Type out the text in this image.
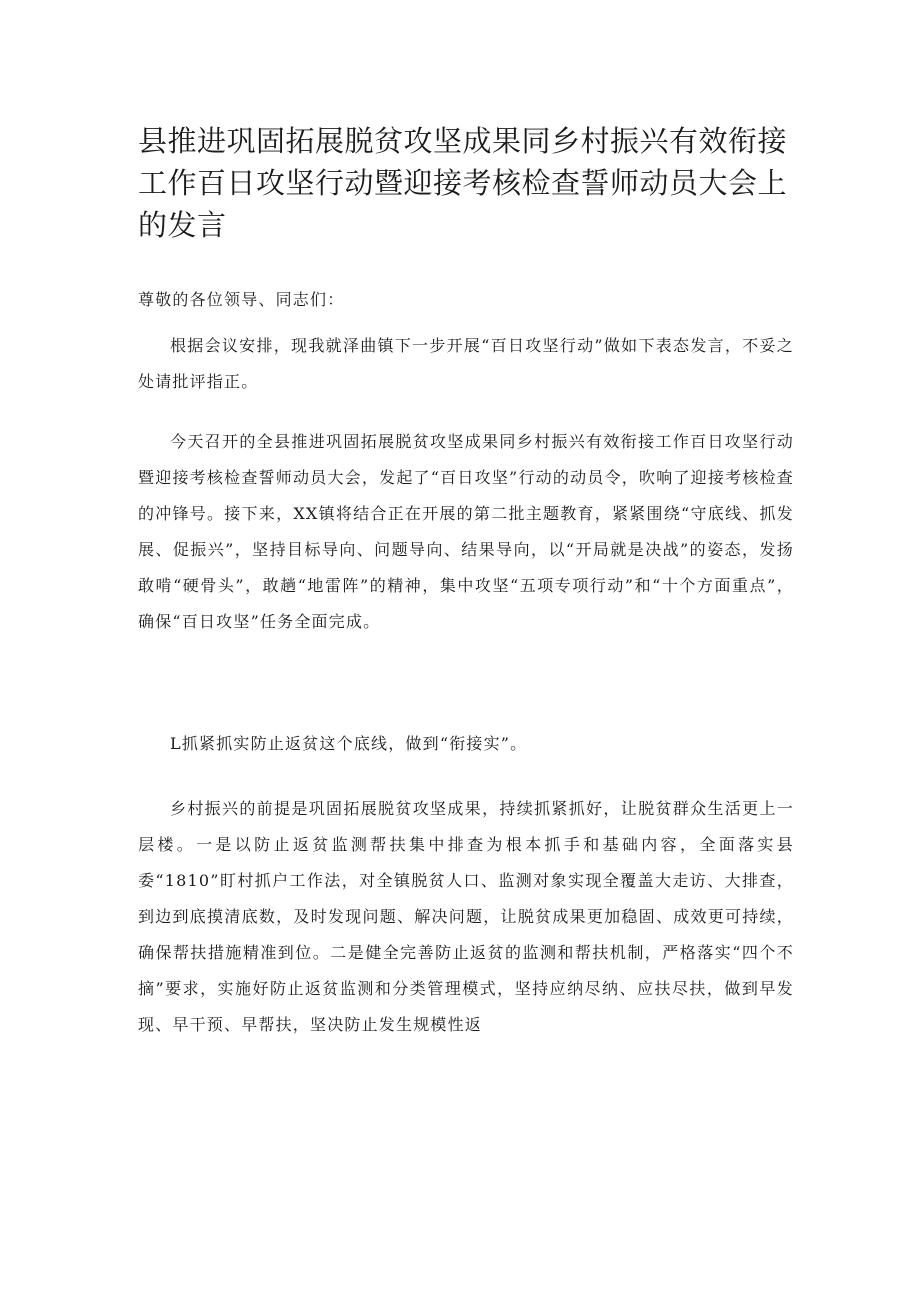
县推进巩固拓展脱贫攻坚成果同乡村振兴有效衔接工作百日攻坚行动暨迎接考核检查誓师动员大会上的发言

尊敬的各位领导、同志们：

根据会议安排，现我就泽曲镇下一步开展“百日攻坚行动”做如下表态发言，不妥之处请批评指正。

今天召开的全县推进巩固拓展脱贫攻坚成果同乡村振兴有效衔接工作百日攻坚行动暨迎接考核检查誓师动员大会，发起了“百日攻坚”行动的动员令，吹响了迎接考核检查的冲锋号。接下来，XX镇将结合正在开展的第二批主题教育，紧紧围绕“守底线、抓发展、促振兴”，坚持目标导向、问题导向、结果导向，以“开局就是决战”的姿态，发扬敢啃“硬骨头”，敢趟“地雷阵”的精神，集中攻坚“五项专项行动”和“十个方面重点”，确保“百日攻坚”任务全面完成。

L抓紧抓实防止返贫这个底线，做到“衔接实”。

乡村振兴的前提是巩固拓展脱贫攻坚成果，持续抓紧抓好，让脱贫群众生活更上一层楼。一是以防止返贫监测帮扶集中排查为根本抓手和基础内容，全面落实县委“1810”盯村抓户工作法，对全镇脱贫人口、监测对象实现全覆盖大走访、大排查，到边到底摸清底数，及时发现问题、解决问题，让脱贫成果更加稳固、成效更可持续，确保帮扶措施精准到位。二是健全完善防止返贫的监测和帮扶机制，严格落实“四个不摘”要求，实施好防止返贫监测和分类管理模式，坚持应纳尽纳、应扶尽扶，做到早发现、早干预、早帮扶，坚决防止发生规模性返
